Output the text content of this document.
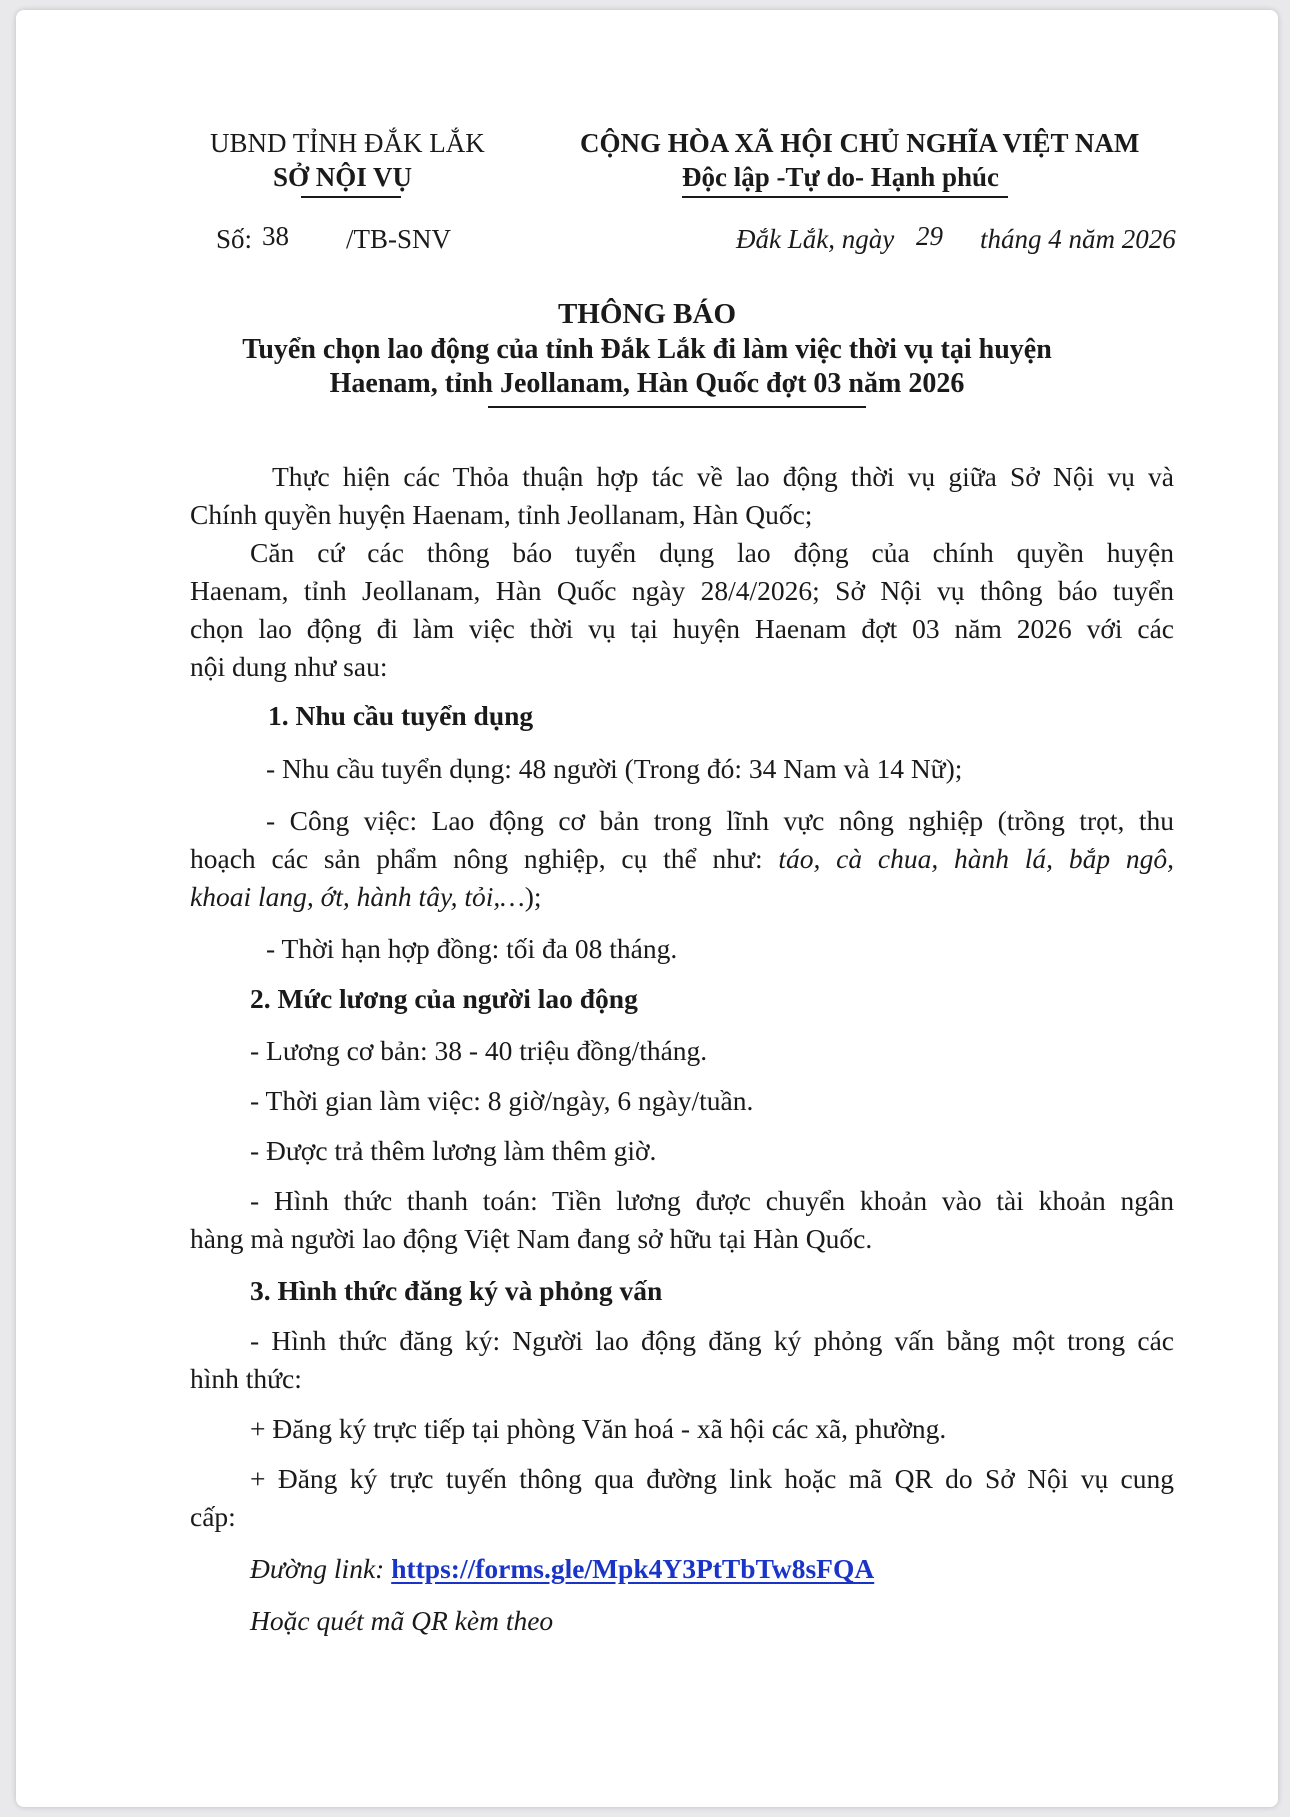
UBND TỈNH ĐẮK LẮK
SỞ NỘI VỤ
CỘNG HÒA XÃ HỘI CHỦ NGHĨA VIỆT NAM
Độc lập -Tự do- Hạnh phúc
Số: 38 /TB-SNV	Đắk Lắk, ngày 29 tháng 4 năm 2026
THÔNG BÁO
Tuyển chọn lao động của tỉnh Đắk Lắk đi làm việc thời vụ tại huyện
Haenam, tỉnh Jeollanam, Hàn Quốc đợt 03 năm 2026
Thực hiện các Thỏa thuận hợp tác về lao động thời vụ giữa Sở Nội vụ và
Chính quyền huyện Haenam, tỉnh Jeollanam, Hàn Quốc;
Căn cứ các thông báo tuyển dụng lao động của chính quyền huyện
Haenam, tỉnh Jeollanam, Hàn Quốc ngày 28/4/2026; Sở Nội vụ thông báo tuyển
chọn lao động đi làm việc thời vụ tại huyện Haenam đợt 03 năm 2026 với các
nội dung như sau:
1. Nhu cầu tuyển dụng
- Nhu cầu tuyển dụng: 48 người (Trong đó: 34 Nam và 14 Nữ);
- Công việc: Lao động cơ bản trong lĩnh vực nông nghiệp (trồng trọt, thu
hoạch các sản phẩm nông nghiệp, cụ thể như: táo, cà chua, hành lá, bắp ngô,
khoai lang, ớt, hành tây, tỏi,…);
- Thời hạn hợp đồng: tối đa 08 tháng.
2. Mức lương của người lao động
- Lương cơ bản: 38 - 40 triệu đồng/tháng.
- Thời gian làm việc: 8 giờ/ngày, 6 ngày/tuần.
- Được trả thêm lương làm thêm giờ.
- Hình thức thanh toán: Tiền lương được chuyển khoản vào tài khoản ngân
hàng mà người lao động Việt Nam đang sở hữu tại Hàn Quốc.
3. Hình thức đăng ký và phỏng vấn
- Hình thức đăng ký: Người lao động đăng ký phỏng vấn bằng một trong các
hình thức:
+ Đăng ký trực tiếp tại phòng Văn hoá - xã hội các xã, phường.
+ Đăng ký trực tuyến thông qua đường link hoặc mã QR do Sở Nội vụ cung
cấp:
Đường link: https://forms.gle/Mpk4Y3PtTbTw8sFQA
Hoặc quét mã QR kèm theo
